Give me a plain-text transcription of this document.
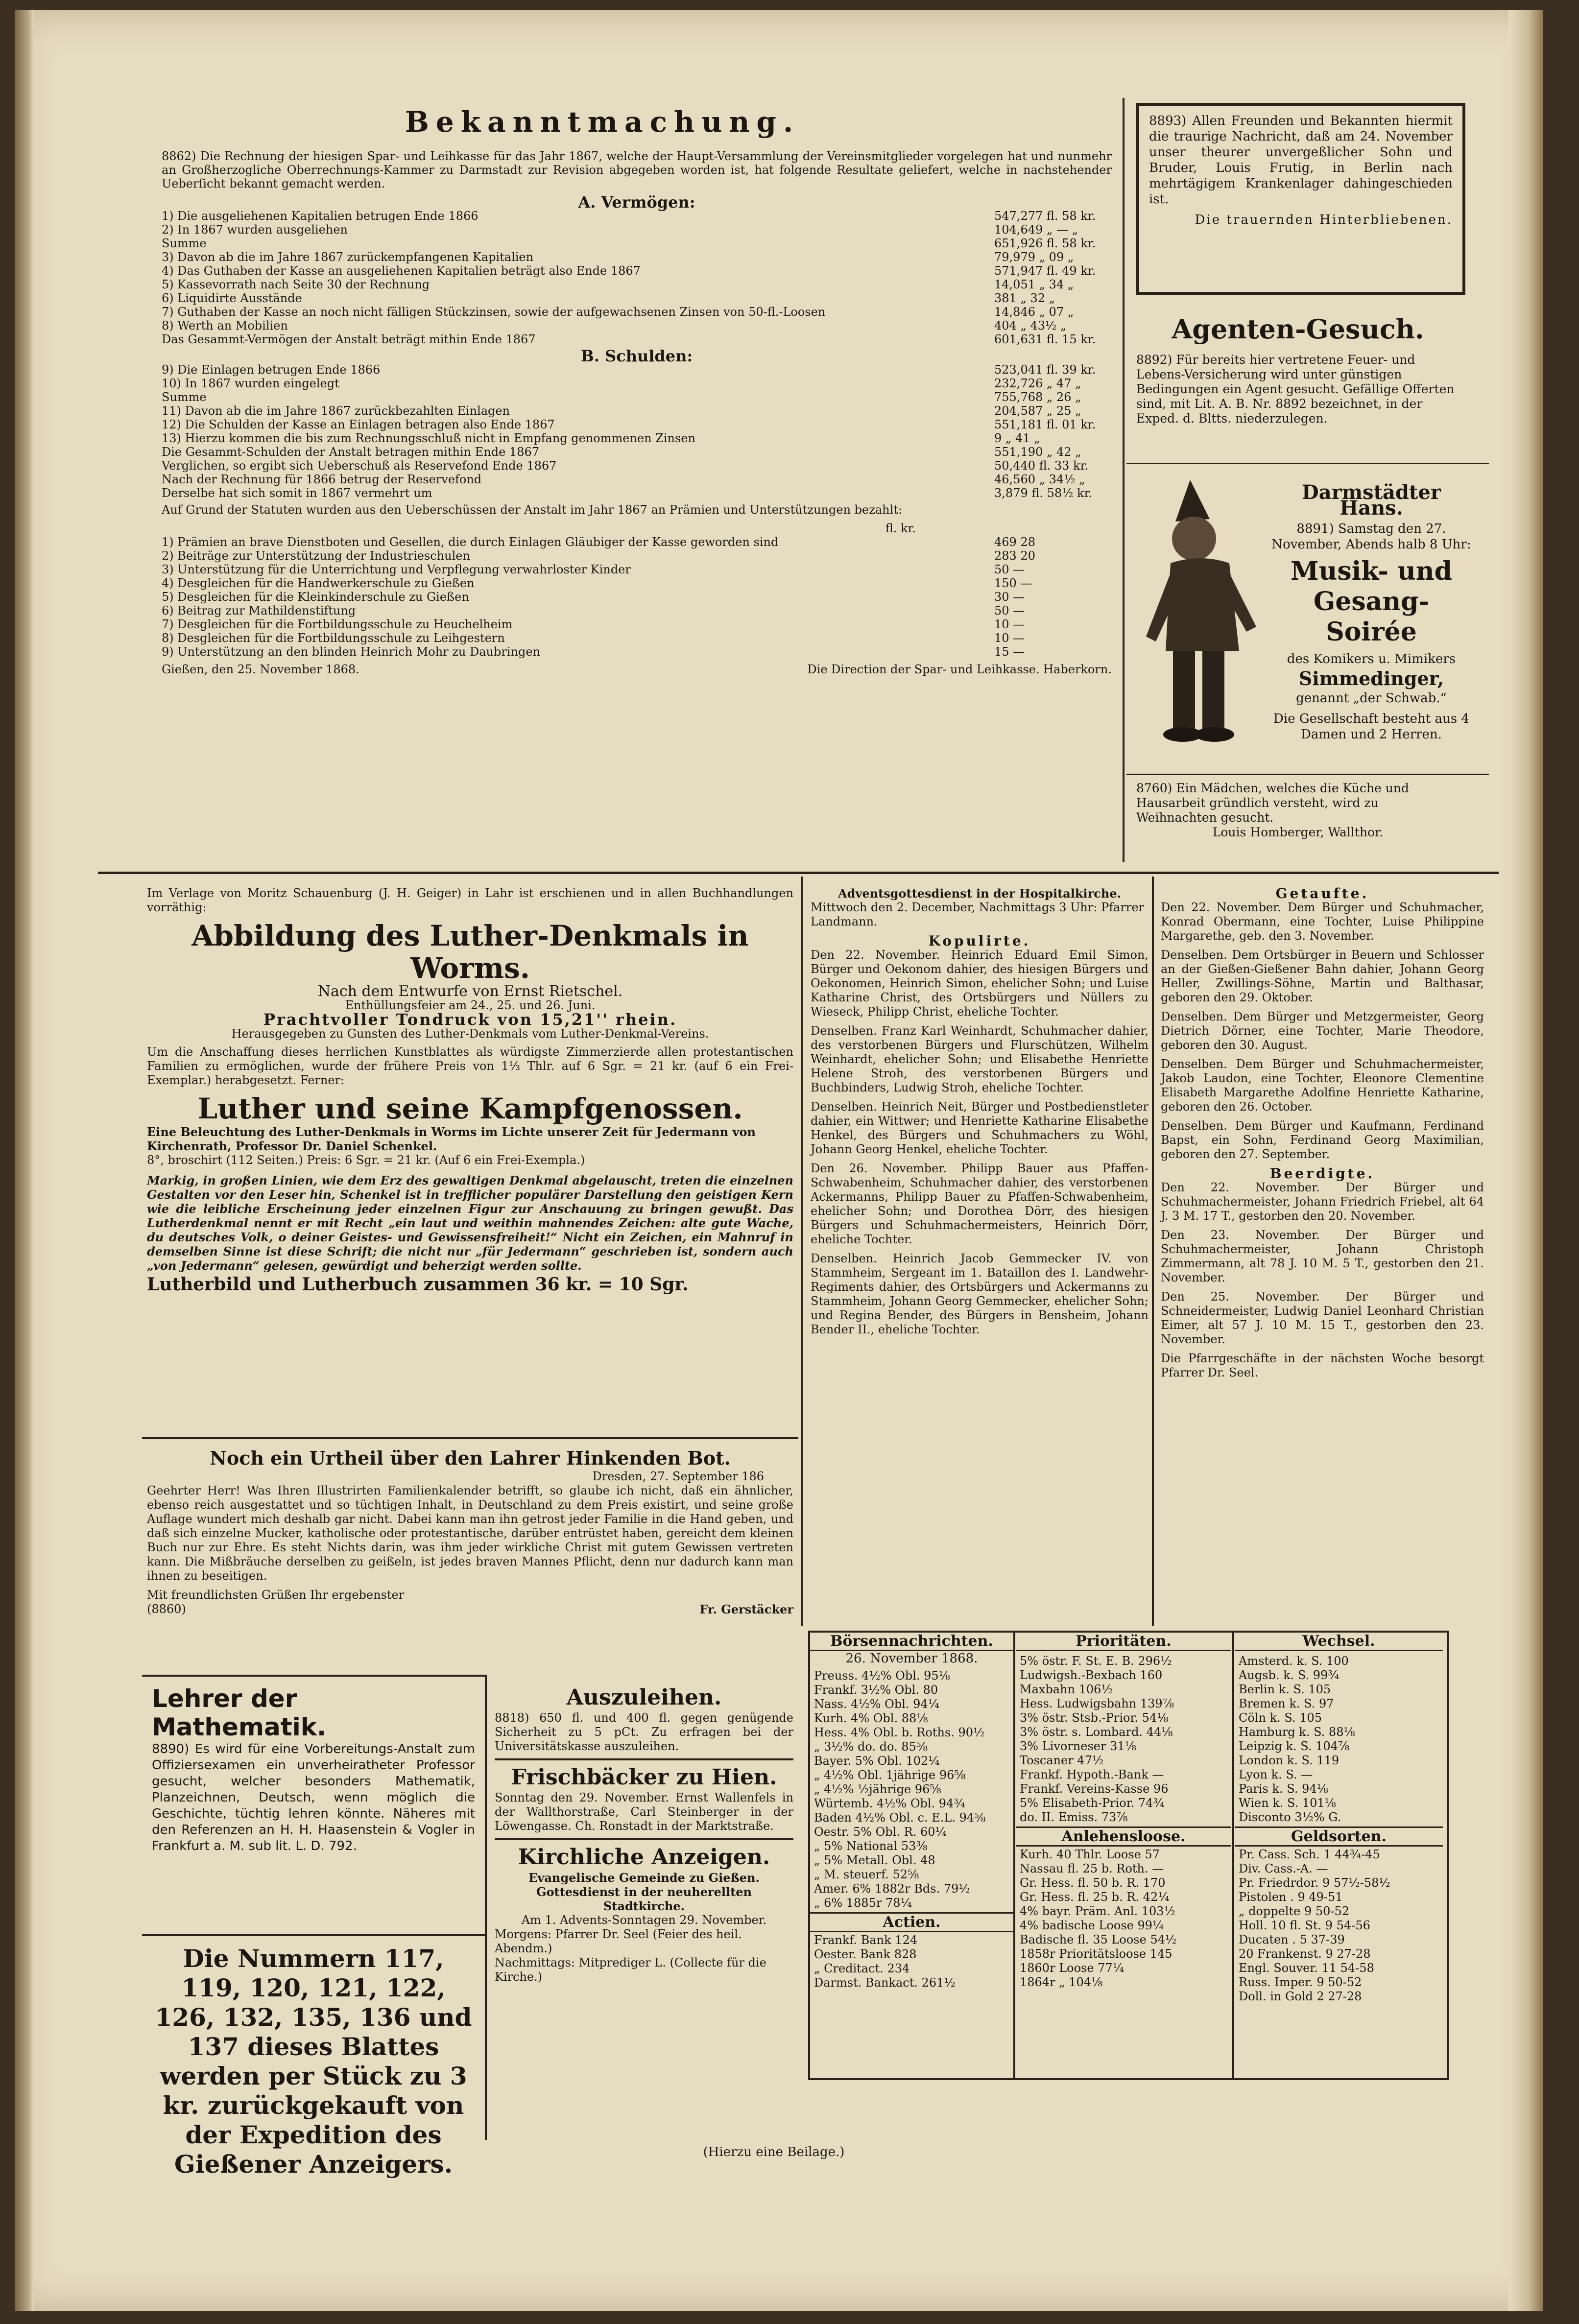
Bekanntmachung.

8862) Die Rechnung der hiesigen Spar- und Leihkasse für das Jahr 1867, welche der Haupt-Versammlung der Vereinsmitglieder vorgelegen hat und nunmehr an Großherzogliche Oberrechnungs-Kammer zu Darmstadt zur Revision abgegeben worden ist, hat folgende Resultate geliefert, welche in nachstehender Ueberſicht bekannt gemacht werden.

A. Vermögen:
1) Die ausgeliehenen Kapitalien betrugen Ende 1866	547,277 fl. 58 kr.
2) In 1867 wurden ausgeliehen	104,649 „ — „
Summe	651,926 fl. 58 kr.
3) Davon ab die im Jahre 1867 zurückempfangenen Kapitalien	79,979 „ 09 „
4) Das Guthaben der Kasse an ausgeliehenen Kapitalien beträgt also Ende 1867	571,947 fl. 49 kr.
5) Kassevorrath nach Seite 30 der Rechnung	14,051 „ 34 „
6) Liquidirte Ausstände	381 „ 32 „
7) Guthaben der Kasse an noch nicht fälligen Stückzinsen, sowie der aufgewachsenen Zinsen von 50-fl.-Loosen	14,846 „ 07 „
8) Werth an Mobilien	404 „ 43½ „
Das Gesammt-Vermögen der Anstalt beträgt mithin Ende 1867	601,631 fl. 15 kr.
B. Schulden:
9) Die Einlagen betrugen Ende 1866	523,041 fl. 39 kr.
10) In 1867 wurden eingelegt	232,726 „ 47 „
Summe	755,768 „ 26 „
11) Davon ab die im Jahre 1867 zurückbezahlten Einlagen	204,587 „ 25 „
12) Die Schulden der Kasse an Einlagen betragen also Ende 1867	551,181 fl. 01 kr.
13) Hierzu kommen die bis zum Rechnungsschluß nicht in Empfang genommenen Zinsen	9 „ 41 „
Die Gesammt-Schulden der Anstalt betragen mithin Ende 1867	551,190 „ 42 „
Verglichen, so ergibt sich Ueberschuß als Reservefond Ende 1867	50,440 fl. 33 kr.
Nach der Rechnung für 1866 betrug der Reservefond	46,560 „ 34½ „
Derselbe hat sich somit in 1867 vermehrt um	3,879 fl. 58½ kr.

Auf Grund der Statuten wurden aus den Ueberschüssen der Anstalt im Jahr 1867 an Prämien und Unterstützungen bezahlt:

fl. kr.
1) Prämien an brave Dienstboten und Gesellen, die durch Einlagen Gläubiger der Kasse geworden sind	469 28
2) Beiträge zur Unterstützung der Industrieschulen	283 20
3) Unterstützung für die Unterrichtung und Verpflegung verwahrloster Kinder	50 —
4) Desgleichen für die Handwerkerschule zu Gießen	150 —
5) Desgleichen für die Kleinkinderschule zu Gießen	30 —
6) Beitrag zur Mathildenstiftung	50 —
7) Desgleichen für die Fortbildungsschule zu Heuchelheim	10 —
8) Desgleichen für die Fortbildungsschule zu Leihgestern	10 —
9) Unterstützung an den blinden Heinrich Mohr zu Daubringen	15 —
Gießen, den 25. November 1868.	Die Direction der Spar- und Leihkasse. Haberkorn.

8893) Allen Freunden und Bekannten hiermit die traurige Nachricht, daß am 24. November unser theurer unvergeßlicher Sohn und Bruder, Louis Frutig, in Berlin nach mehrtägigem Krankenlager dahingeschieden ist.

Die trauernden Hinterbliebenen.
Agenten-Gesuch.
8892) Für bereits hier vertretene Feuer- und Lebens-Versicherung wird unter günstigen Bedingungen ein Agent gesucht. Gefällige Offerten sind, mit Lit. A. B. Nr. 8892 bezeichnet, in der Exped. d. Bltts. niederzulegen.
Darmstädter Hans.
8891) Samstag den 27. November, Abends halb 8 Uhr:
Musik- und Gesang-Soirée
des Komikers u. Mimikers
Simmedinger,
genannt „der Schwab.“
Die Gesellschaft besteht aus 4 Damen und 2 Herren.
8760) Ein Mädchen, welches die Küche und Hausarbeit gründlich versteht, wird zu Weihnachten gesucht.
Louis Homberger, Wallthor.

Im Verlage von Moritz Schauenburg (J. H. Geiger) in Lahr ist erschienen und in allen Buchhandlungen vorräthig:

Abbildung des Luther-Denkmals in Worms.
Nach dem Entwurfe von Ernst Rietschel.
Enthüllungsfeier am 24., 25. und 26. Juni.
Prachtvoller Tondruck von 15,21'' rhein.
Herausgegeben zu Gunsten des Luther-Denkmals vom Luther-Denkmal-Vereins.

Um die Anschaffung dieses herrlichen Kunstblattes als würdigste Zimmerzierde allen protestantischen Familien zu ermöglichen, wurde der frühere Preis von 1⅓ Thlr. auf 6 Sgr. = 21 kr. (auf 6 ein Frei-Exemplar.) herabgesetzt. Ferner:

Luther und seine Kampfgenossen.
Eine Beleuchtung des Luther-Denkmals in Worms im Lichte unserer Zeit für Jedermann von Kirchenrath, Professor Dr. Daniel Schenkel.
8°, broschirt (112 Seiten.) Preis: 6 Sgr. = 21 kr. (Auf 6 ein Frei-Exempla.)

Markig, in großen Linien, wie dem Erz des gewaltigen Denkmal abgelauscht, treten die einzelnen Gestalten vor den Leser hin, Schenkel ist in trefflicher populärer Darstellung den geistigen Kern wie die leibliche Erscheinung jeder einzelnen Figur zur Anschauung zu bringen gewußt. Das Lutherdenkmal nennt er mit Recht „ein laut und weithin mahnendes Zeichen: alte gute Wache, du deutsches Volk, o deiner Geistes- und Gewissensfreiheit!“ Nicht ein Zeichen, ein Mahnruf in demselben Sinne ist diese Schrift; die nicht nur „für Jedermann“ geschrieben ist, sondern auch „von Jedermann“ gelesen, gewürdigt und beherzigt werden sollte.

Lutherbild und Lutherbuch zusammen 36 kr. = 10 Sgr.
Noch ein Urtheil über den Lahrer Hinkenden Bot.
Dresden, 27. September 186

Geehrter Herr! Was Ihren Illustrirten Familienkalender betrifft, so glaube ich nicht, daß ein ähnlicher, ebenso reich ausgestattet und so tüchtigen Inhalt, in Deutschland zu dem Preis existirt, und seine große Auflage wundert mich deshalb gar nicht. Dabei kann man ihn getrost jeder Familie in die Hand geben, und daß sich einzelne Mucker, katholische oder protestantische, darüber entrüstet haben, gereicht dem kleinen Buch nur zur Ehre. Es steht Nichts darin, was ihm jeder wirkliche Christ mit gutem Gewissen vertreten kann. Die Mißbräuche derselben zu geißeln, ist jedes braven Mannes Pflicht, denn nur dadurch kann man ihnen zu beseitigen.

Mit freundlichsten Grüßen Ihr ergebenster
(8860)	Fr. Gerstäcker
Adventsgottesdienst in der Hospitalkirche.
Mittwoch den 2. December, Nachmittags 3 Uhr: Pfarrer Landmann.
Kopulirte.

Den 22. November. Heinrich Eduard Emil Simon, Bürger und Oekonom dahier, des hiesigen Bürgers und Oekonomen, Heinrich Simon, ehelicher Sohn; und Luise Katharine Christ, des Ortsbürgers und Nüllers zu Wieseck, Philipp Christ, eheliche Tochter.

Denselben. Franz Karl Weinhardt, Schuhmacher dahier, des verstorbenen Bürgers und Flurschützen, Wilhelm Weinhardt, ehelicher Sohn; und Elisabethe Henriette Helene Stroh, des verstorbenen Bürgers und Buchbinders, Ludwig Stroh, eheliche Tochter.

Denselben. Heinrich Neit, Bürger und Postbedienstleter dahier, ein Wittwer; und Henriette Katharine Elisabethe Henkel, des Bürgers und Schuhmachers zu Wöhl, Johann Georg Henkel, eheliche Tochter.

Den 26. November. Philipp Bauer aus Pfaffen-Schwabenheim, Schuhmacher dahier, des verstorbenen Ackermanns, Philipp Bauer zu Pfaffen-Schwabenheim, ehelicher Sohn; und Dorothea Dörr, des hiesigen Bürgers und Schuhmachermeisters, Heinrich Dörr, eheliche Tochter.

Denselben. Heinrich Jacob Gemmecker IV. von Stammheim, Sergeant im 1. Bataillon des I. Landwehr-Regiments dahier, des Ortsbürgers und Ackermanns zu Stammheim, Johann Georg Gemmecker, ehelicher Sohn; und Regina Bender, des Bürgers in Bensheim, Johann Bender II., eheliche Tochter.

Getaufte.

Den 22. November. Dem Bürger und Schuhmacher, Konrad Obermann, eine Tochter, Luise Philippine Margarethe, geb. den 3. November.

Denselben. Dem Ortsbürger in Beuern und Schlosser an der Gießen-Gießener Bahn dahier, Johann Georg Heller, Zwillings-Söhne, Martin und Balthasar, geboren den 29. Oktober.

Denselben. Dem Bürger und Metzgermeister, Georg Dietrich Dörner, eine Tochter, Marie Theodore, geboren den 30. August.

Denselben. Dem Bürger und Schuhmachermeister, Jakob Laudon, eine Tochter, Eleonore Clementine Elisabeth Margarethe Adolfine Henriette Katharine, geboren den 26. October.

Denselben. Dem Bürger und Kaufmann, Ferdinand Bapst, ein Sohn, Ferdinand Georg Maximilian, geboren den 27. September.

Beerdigte.

Den 22. November. Der Bürger und Schuhmachermeister, Johann Friedrich Friebel, alt 64 J. 3 M. 17 T., gestorben den 20. November.

Den 23. November. Der Bürger und Schuhmachermeister, Johann Christoph Zimmermann, alt 78 J. 10 M. 5 T., gestorben den 21. November.

Den 25. November. Der Bürger und Schneidermeister, Ludwig Daniel Leonhard Christian Eimer, alt 57 J. 10 M. 15 T., gestorben den 23. November.

Die Pfarrgeschäfte in der nächsten Woche besorgt Pfarrer Dr. Seel.

Lehrer der Mathematik.

8890) Es wird für eine Vorbereitungs-Anstalt zum Offiziersexamen ein unverheiratheter Professor gesucht, welcher besonders Mathematik, Planzeichnen, Deutsch, wenn möglich die Geschichte, tüchtig lehren könnte. Näheres mit den Referenzen an H. H. Haasenstein & Vogler in Frankfurt a. M. sub lit. L. D. 792.

Die Nummern 117, 119, 120, 121, 122, 126, 132, 135, 136 und 137 dieses Blattes werden per Stück zu 3 kr. zurückgekauft von der Expedition des Gießener Anzeigers.
Auszuleihen.

8818) 650 fl. und 400 fl. gegen genügende Sicherheit zu 5 pCt. Zu erfragen bei der Universitätskasse auszuleihen.

Frischbäcker zu Hien.

Sonntag den 29. November. Ernst Wallenfels in der Wallthorstraße, Carl Steinberger in der Löwengasse. Ch. Ronstadt in der Marktstraße.

Kirchliche Anzeigen.
Evangelische Gemeinde zu Gießen.
Gottesdienst in der neuherellten Stadtkirche.
Am 1. Advents-Sonntagen 29. November.
Morgens: Pfarrer Dr. Seel (Feier des heil. Abendm.)
Nachmittags: Mitprediger L. (Collecte für die Kirche.)
Börsennachrichten.
26. November 1868.
Preuss. 4½% Obl. 95⅛
Frankf. 3½% Obl. 80
Nass. 4½% Obl. 94¼
Kurh. 4% Obl. 88⅛
Hess. 4% Obl. b. Roths. 90½
„ 3½% do. do. 85⅝
Bayer. 5% Obl. 102¼
„ 4½% Obl. 1jährige 96⅝
„ 4½% ½jährige 96⅝
Würtemb. 4½% Obl. 94¾
Baden 4½% Obl. c. E.L. 94⅝
Oestr. 5% Obl. R. 60¼
„ 5% National 53⅜
„ 5% Metall. Obl. 48
„ M. steuerf. 52⅝
Amer. 6% 1882r Bds. 79½
„ 6% 1885r 78¼
Actien.
Frankf. Bank 124
Oester. Bank 828
„ Creditact. 234
Darmst. Bankact. 261½
Prioritäten.
5% östr. F. St. E. B. 296½
Ludwigsh.-Bexbach 160
Maxbahn 106½
Hess. Ludwigsbahn 139⅞
3% östr. Stsb.-Prior. 54⅛
3% östr. s. Lombard. 44⅛
3% Livorneser 31⅛
Toscaner 47½
Frankf. Hypoth.-Bank —
Frankf. Vereins-Kasse 96
5% Elisabeth-Prior. 74¾
do. II. Emiss. 73⅞
Anlehensloose.
Kurh. 40 Thlr. Loose 57
Nassau fl. 25 b. Roth. —
Gr. Hess. fl. 50 b. R. 170
Gr. Hess. fl. 25 b. R. 42¼
4% bayr. Präm. Anl. 103½
4% badische Loose 99¼
Badische fl. 35 Loose 54½
1858r Prioritätsloose 145
1860r Loose 77¼
1864r „ 104⅛
Wechsel.
Amsterd. k. S. 100
Augsb. k. S. 99¾
Berlin k. S. 105
Bremen k. S. 97
Cöln k. S. 105
Hamburg k. S. 88⅛
Leipzig k. S. 104⅞
London k. S. 119
Lyon k. S. —
Paris k. S. 94⅛
Wien k. S. 101⅛
Disconto 3½% G.
Geldsorten.
Pr. Cass. Sch. 1 44¾-45
Div. Cass.-A. —
Pr. Friedrdor. 9 57½-58½
Pistolen . 9 49-51
„ doppelte 9 50-52
Holl. 10 fl. St. 9 54-56
Ducaten . 5 37-39
20 Frankenst. 9 27-28
Engl. Souver. 11 54-58
Russ. Imper. 9 50-52
Doll. in Gold 2 27-28
(Hierzu eine Beilage.)
